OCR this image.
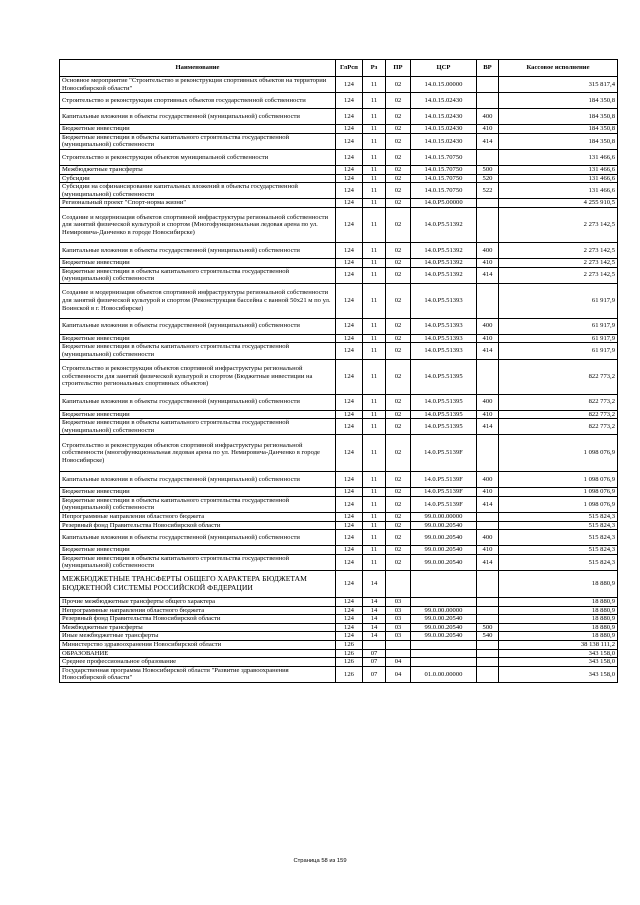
Наименование	ГлРсп	Рз	ПР	ЦСР	ВР	Кассовое исполнение
Основное мероприятие "Строительство и реконструкция спортивных объектов на территории Новосибирской области"	124	11	02	14.0.15.00000		315 817,4
Строительство и реконструкция спортивных объектов государственной собственности	124	11	02	14.0.15.02430		184 350,8
Капитальные вложения в объекты государственной (муниципальной) собственности	124	11	02	14.0.15.02430	400	184 350,8
Бюджетные инвестиции	124	11	02	14.0.15.02430	410	184 350,8
Бюджетные инвестиции в объекты капитального строительства государственной (муниципальной) собственности	124	11	02	14.0.15.02430	414	184 350,8
Строительство и реконструкция объектов муниципальной собственности	124	11	02	14.0.15.70750		131 466,6
Межбюджетные трансферты	124	11	02	14.0.15.70750	500	131 466,6
Субсидии	124	11	02	14.0.15.70750	520	131 466,6
Субсидии на софинансирование капитальных вложений в объекты государственной (муниципальной) собственности	124	11	02	14.0.15.70750	522	131 466,6
Региональный проект "Спорт-норма жизни"	124	11	02	14.0.P5.00000		4 255 910,5
Создание и модернизация объектов спортивной инфраструктуры региональной собственности для занятий физической культурой и спортом (Многофункциональная ледовая арена по ул. Немировича-Данченко в городе Новосибирске)	124	11	02	14.0.P5.51392		2 273 142,5
Капитальные вложения в объекты государственной (муниципальной) собственности	124	11	02	14.0.P5.51392	400	2 273 142,5
Бюджетные инвестиции	124	11	02	14.0.P5.51392	410	2 273 142,5
Бюджетные инвестиции в объекты капитального строительства государственной (муниципальной) собственности	124	11	02	14.0.P5.51392	414	2 273 142,5
Создание и модернизация объектов спортивной инфраструктуры региональной собственности для занятий физической культурой и спортом (Реконструкция бассейна с ванной 50х21 м по ул. Воинской в г. Новосибирске)	124	11	02	14.0.P5.51393		61 917,9
Капитальные вложения в объекты государственной (муниципальной) собственности	124	11	02	14.0.P5.51393	400	61 917,9
Бюджетные инвестиции	124	11	02	14.0.P5.51393	410	61 917,9
Бюджетные инвестиции в объекты капитального строительства государственной (муниципальной) собственности	124	11	02	14.0.P5.51393	414	61 917,9
Строительство и реконструкция объектов спортивной инфраструктуры региональной собственности для занятий физической культурой и спортом (Бюджетные инвестиции на строительство региональных спортивных объектов)	124	11	02	14.0.P5.51395		822 773,2
Капитальные вложения в объекты государственной (муниципальной) собственности	124	11	02	14.0.P5.51395	400	822 773,2
Бюджетные инвестиции	124	11	02	14.0.P5.51395	410	822 773,2
Бюджетные инвестиции в объекты капитального строительства государственной (муниципальной) собственности	124	11	02	14.0.P5.51395	414	822 773,2
Строительство и реконструкция объектов спортивной инфраструктуры региональной собственности (многофункциональная ледовая арена по ул. Немировича-Данченко в городе Новосибирске)	124	11	02	14.0.P5.5139F		1 098 076,9
Капитальные вложения в объекты государственной (муниципальной) собственности	124	11	02	14.0.P5.5139F	400	1 098 076,9
Бюджетные инвестиции	124	11	02	14.0.P5.5139F	410	1 098 076,9
Бюджетные инвестиции в объекты капитального строительства государственной (муниципальной) собственности	124	11	02	14.0.P5.5139F	414	1 098 076,9
Непрограммные направления областного бюджета	124	11	02	99.0.00.00000		515 824,3
Резервный фонд Правительства Новосибирской области	124	11	02	99.0.00.20540		515 824,3
Капитальные вложения в объекты государственной (муниципальной) собственности	124	11	02	99.0.00.20540	400	515 824,3
Бюджетные инвестиции	124	11	02	99.0.00.20540	410	515 824,3
Бюджетные инвестиции в объекты капитального строительства государственной (муниципальной) собственности	124	11	02	99.0.00.20540	414	515 824,3
МЕЖБЮДЖЕТНЫЕ ТРАНСФЕРТЫ ОБЩЕГО ХАРАКТЕРА БЮДЖЕТАМ БЮДЖЕТНОЙ СИСТЕМЫ РОССИЙСКОЙ ФЕДЕРАЦИИ	124	14				18 880,9
Прочие межбюджетные трансферты общего характера	124	14	03			18 880,9
Непрограммные направления областного бюджета	124	14	03	99.0.00.00000		18 880,9
Резервный фонд Правительства Новосибирской области	124	14	03	99.0.00.20540		18 880,9
Межбюджетные трансферты	124	14	03	99.0.00.20540	500	18 880,9
Иные межбюджетные трансферты	124	14	03	99.0.00.20540	540	18 880,9
Министерство здравоохранения Новосибирской области	126					38 138 111,2
ОБРАЗОВАНИЕ	126	07				343 158,0
Среднее профессиональное образование	126	07	04			343 158,0
Государственная программа Новосибирской области "Развитие здравоохранения Новосибирской области"	126	07	04	01.0.00.00000		343 158,0
Страница 58 из 159
